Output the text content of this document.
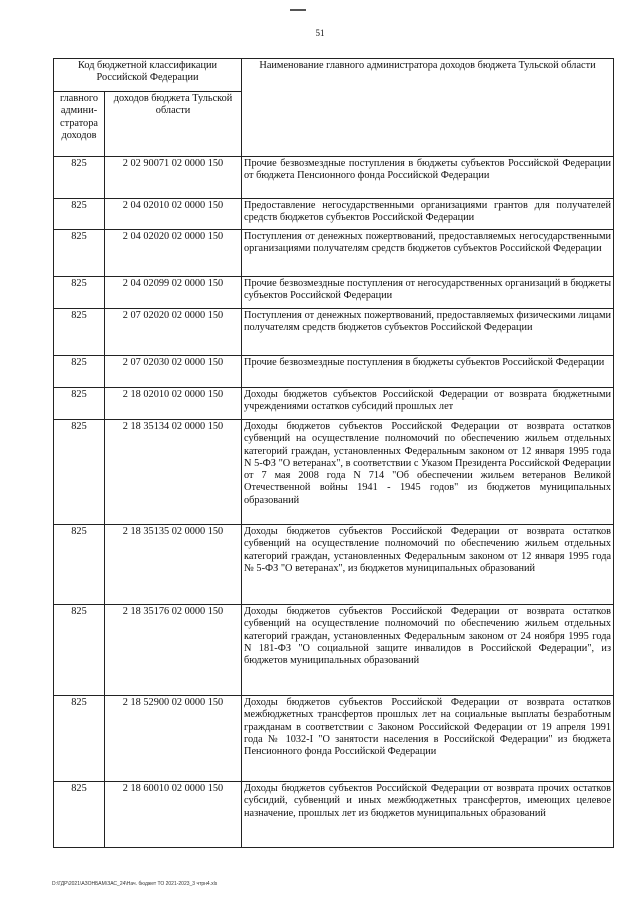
51
Код бюджетной классификации Российской Федерации		Наименование главного администратора доходов бюджета Тульской области
главного админи-стратора доходов	доходов бюджета Тульской области	
825	2 02 90071 02 0000 150	Прочие безвозмездные поступления в бюджеты субъектов Российской Федерации от бюджета Пенсионного фонда Российской Федерации
825	2 04 02010 02 0000 150	Предоставление негосударственными организациями грантов для получателей средств бюджетов субъектов Российской Федерации
825	2 04 02020 02 0000 150	Поступления от денежных пожертвований, предоставляемых негосударственными организациями получателям средств бюджетов субъектов Российской Федерации
825	2 04 02099 02 0000 150	Прочие безвозмездные поступления от негосударственных организаций в бюджеты субъектов Российской Федерации
825	2 07 02020 02 0000 150	Поступления от денежных пожертвований, предоставляемых физическими лицами получателям средств бюджетов субъектов Российской Федерации
825	2 07 02030 02 0000 150	Прочие безвозмездные поступления в бюджеты субъектов Российской Федерации
825	2 18 02010 02 0000 150	Доходы бюджетов субъектов Российской Федерации от возврата бюджетными учреждениями остатков субсидий прошлых лет
825	2 18 35134 02 0000 150	Доходы бюджетов субъектов Российской Федерации от возврата остатков субвенций на осуществление полномочий по обеспечению жильем отдельных категорий граждан, установленных Федеральным законом от 12 января 1995 года N 5-ФЗ "О ветеранах", в соответствии с Указом Президента Российской Федерации от 7 мая 2008 года N 714 "Об обеспечении жильем ветеранов Великой Отечественной войны 1941 - 1945 годов" из бюджетов муниципальных образований
825	2 18 35135 02 0000 150	Доходы бюджетов субъектов Российской Федерации от возврата остатков субвенций на осуществление полномочий по обеспечению жильем отдельных категорий граждан, установленных Федеральным законом от 12 января 1995 года № 5-ФЗ "О ветеранах", из бюджетов муниципальных образований
825	2 18 35176 02 0000 150	Доходы бюджетов субъектов Российской Федерации от возврата остатков субвенций на осуществление полномочий по обеспечению жильем отдельных категорий граждан, установленных Федеральным законом от 24 ноября 1995 года N 181-ФЗ "О социальной защите инвалидов в Российской Федерации", из бюджетов муниципальных образований
825	2 18 52900 02 0000 150	Доходы бюджетов субъектов Российской Федерации от возврата остатков межбюджетных трансфертов прошлых лет на социальные выплаты безработным гражданам в соответствии с Законом Российской Федерации от 19 апреля 1991 года № 1032-I "О занятости населения в Российской Федерации" из бюджета Пенсионного фонда Российской Федерации
825	2 18 60010 02 0000 150	Доходы бюджетов субъектов Российской Федерации от возврата прочих остатков субсидий, субвенций и иных межбюджетных трансфертов, имеющих целевое назначение, прошлых лет из бюджетов муниципальных образований
D:\ГДР\2021\АЗОНБАМ\ЗАС_24\Нач. бюджет ТО 2021-2023_3 чтрн4.xls
